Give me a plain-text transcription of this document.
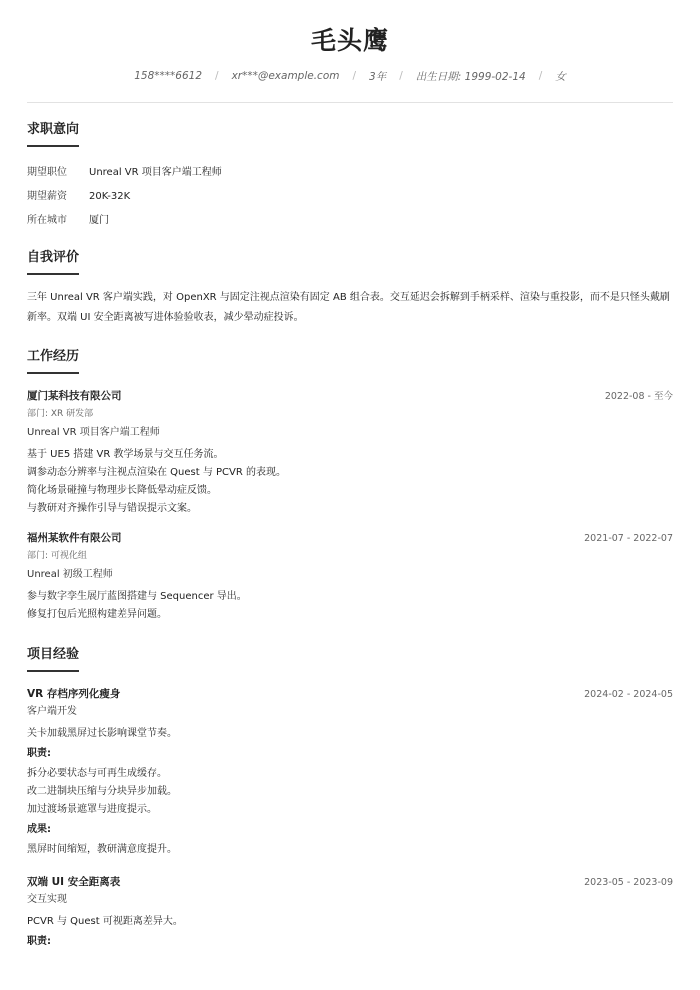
毛头鹰
158****6612	/	xr***@example.com	/	3年	/	出生日期: 1999-02-14	/	女
求职意向
期望职位	Unreal VR 项目客户端工程师
期望薪资	20K-32K
所在城市	厦门
自我评价

三年 Unreal VR 客户端实践，对 OpenXR 与固定注视点渲染有固定 AB 组合表。交互延迟会拆解到手柄采样、渲染与重投影，而不是只怪头戴刷新率。双端 UI 安全距离被写进体验验收表，减少晕动症投诉。

工作经历
厦门某科技有限公司	2022-08 - 至今
部门: XR 研发部
Unreal VR 项目客户端工程师
基于 UE5 搭建 VR 教学场景与交互任务流。
调参动态分辨率与注视点渲染在 Quest 与 PCVR 的表现。
简化场景碰撞与物理步长降低晕动症反馈。
与教研对齐操作引导与错误提示文案。
福州某软件有限公司	2021-07 - 2022-07
部门: 可视化组
Unreal 初级工程师
参与数字孪生展厅蓝图搭建与 Sequencer 导出。
修复打包后光照构建差异问题。
项目经验
VR 存档序列化瘦身	2024-02 - 2024-05
客户端开发
关卡加载黑屏过长影响课堂节奏。
职责:
拆分必要状态与可再生成缓存。
改二进制块压缩与分块异步加载。
加过渡场景遮罩与进度提示。
成果:
黑屏时间缩短，教研满意度提升。
双端 UI 安全距离表	2023-05 - 2023-09
交互实现
PCVR 与 Quest 可视距离差异大。
职责:
